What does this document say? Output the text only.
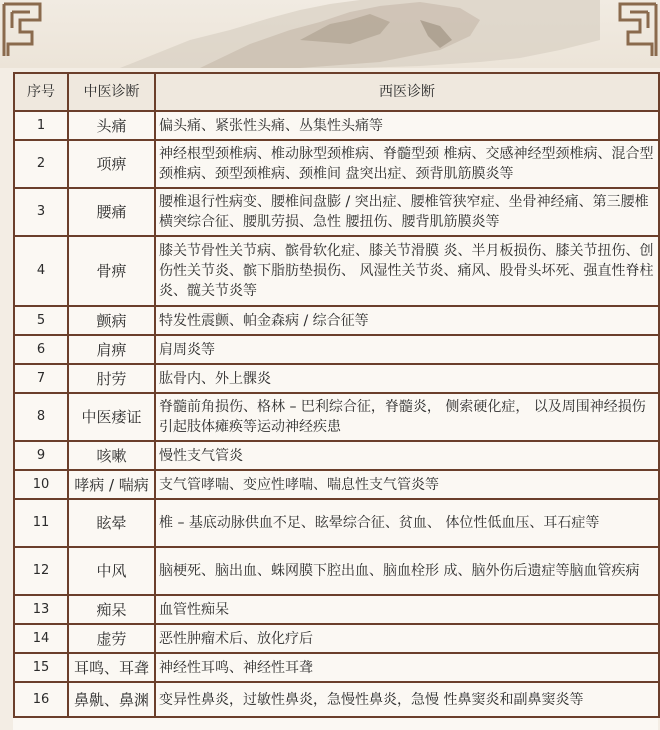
序号	中医诊断	西医诊断
1	头痛	偏头痛、紧张性头痛、丛集性头痛等
2	项痹	神经根型颈椎病、椎动脉型颈椎病、脊髓型颈 椎病、交感神经型颈椎病、混合型颈椎病、颈型颈椎病、颈椎间 盘突出症、颈背肌筋膜炎等
3	腰痛	腰椎退行性病变、腰椎间盘膨 / 突出症、腰椎管狭窄症、坐骨神经痛、第三腰椎横突综合征、腰肌劳损、急性 腰扭伤、腰背肌筋膜炎等
4	骨痹	膝关节骨性关节病、髌骨软化症、膝关节滑膜 炎、半月板损伤、膝关节扭伤、创伤性关节炎、髌下脂肪垫损伤、 风湿性关节炎、痛风、股骨头坏死、强直性脊柱炎、髋关节炎等
5	颤病	特发性震颤、帕金森病 / 综合征等
6	肩痹	肩周炎等
7	肘劳	肱骨内、外上髁炎
8	中医痿证	脊髓前角损伤、格林 – 巴利综合征，脊髓炎， 侧索硬化症， 以及周围神经损伤引起肢体瘫痪等运动神经疾患
9	咳嗽	慢性支气管炎
10	哮病 / 喘病	支气管哮喘、变应性哮喘、喘息性支气管炎等
11	眩晕	椎 – 基底动脉供血不足、眩晕综合征、贫血、 体位性低血压、耳石症等
12	中风	脑梗死、脑出血、蛛网膜下腔出血、脑血栓形 成、脑外伤后遗症等脑血管疾病
13	痴呆	血管性痴呆
14	虚劳	恶性肿瘤术后、放化疗后
15	耳鸣、耳聋	神经性耳鸣、神经性耳聋
16	鼻鼽、鼻渊	变异性鼻炎，过敏性鼻炎，急慢性鼻炎，急慢 性鼻窦炎和副鼻窦炎等
